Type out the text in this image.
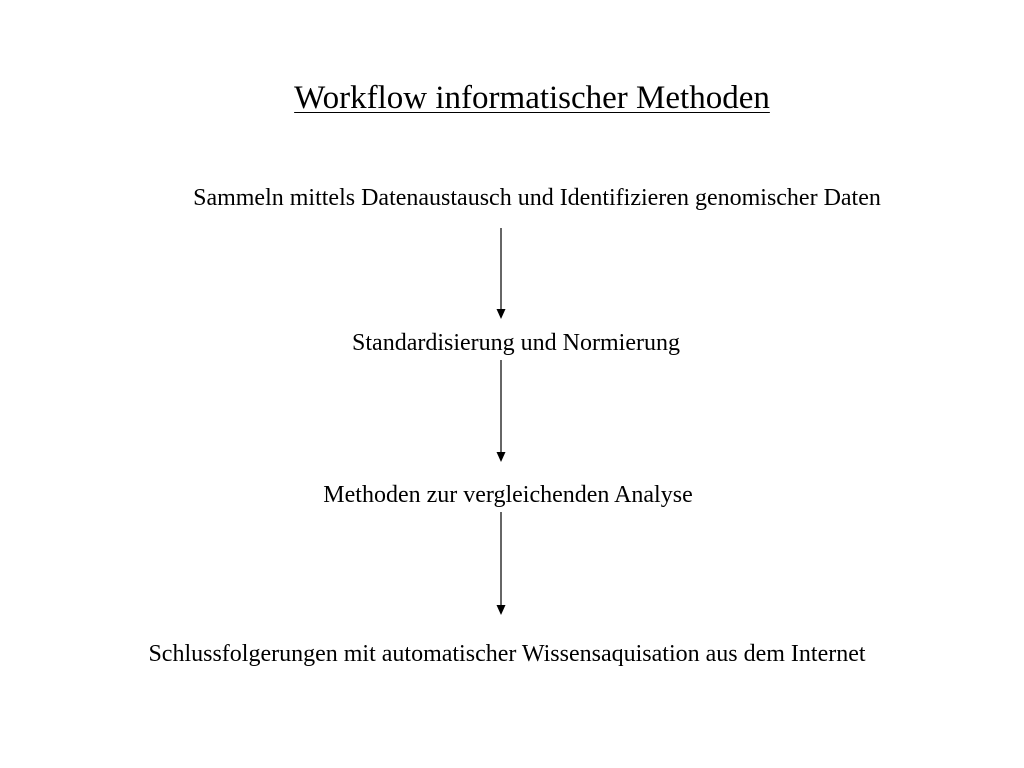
Workflow informatischer Methoden
Sammeln mittels Datenaustausch und Identifizieren genomischer Daten
Standardisierung und Normierung
Methoden zur vergleichenden Analyse
Schlussfolgerungen mit automatischer Wissensaquisation aus dem Internet
